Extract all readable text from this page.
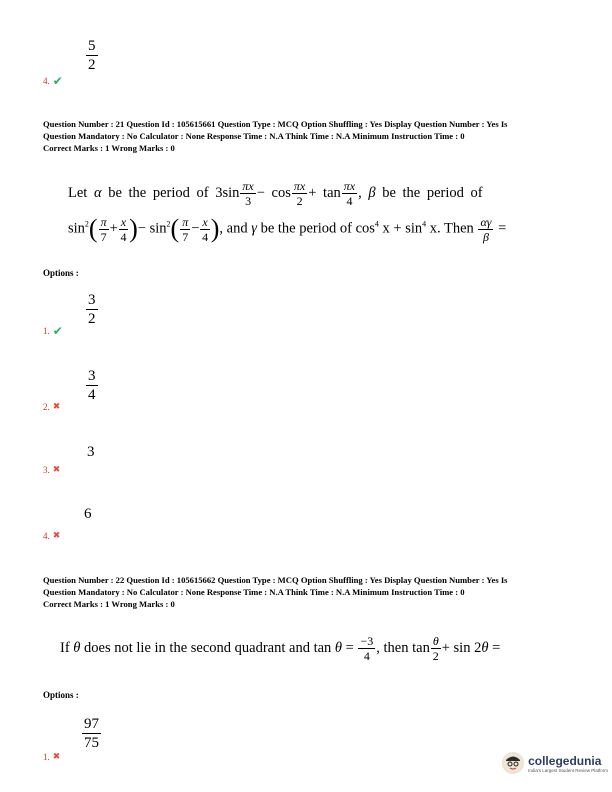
$\frac{5}{2}$
4. ✔
Question Number : 21 Question Id : 105615661 Question Type : MCQ Option Shuffling : Yes Display Question Number : Yes Is
Question Mandatory : No Calculator : None Response Time : N.A Think Time : N.A Minimum Instruction Time : 0
Correct Marks : 1 Wrong Marks : 0
Let α be the period of $3\sin \frac{\pi x}{3} - \cos \frac{\pi x}{2} + \tan \frac{\pi x}{4}$ , β be the period of
$\sin^2( \frac{\pi}{7} + \frac{x}{4}$ )− $\sin^2( \frac{\pi}{7} - \frac{x}{4}$ ), and γ be the period of $\cos^4 x + \sin^4 x$. Then $\frac{\alpha\gamma}{\beta}$ =
Options :
$\frac{3}{2}$
1. ✔
$\frac{3}{4}$
2. ✖
3
3. ✖
6
4. ✖
Question Number : 22 Question Id : 105615662 Question Type : MCQ Option Shuffling : Yes Display Question Number : Yes Is
Question Mandatory : No Calculator : None Response Time : N.A Think Time : N.A Minimum Instruction Time : 0
Correct Marks : 1 Wrong Marks : 0
If θ does not lie in the second quadrant and $\tan \theta = \frac{-3}{4}$ , then $\tan \frac{\theta}{2} + \sin 2\theta$ =
Options :
$\frac{97}{75}$
1. ✖	collegedunia
India's Largest Student Review Platform
